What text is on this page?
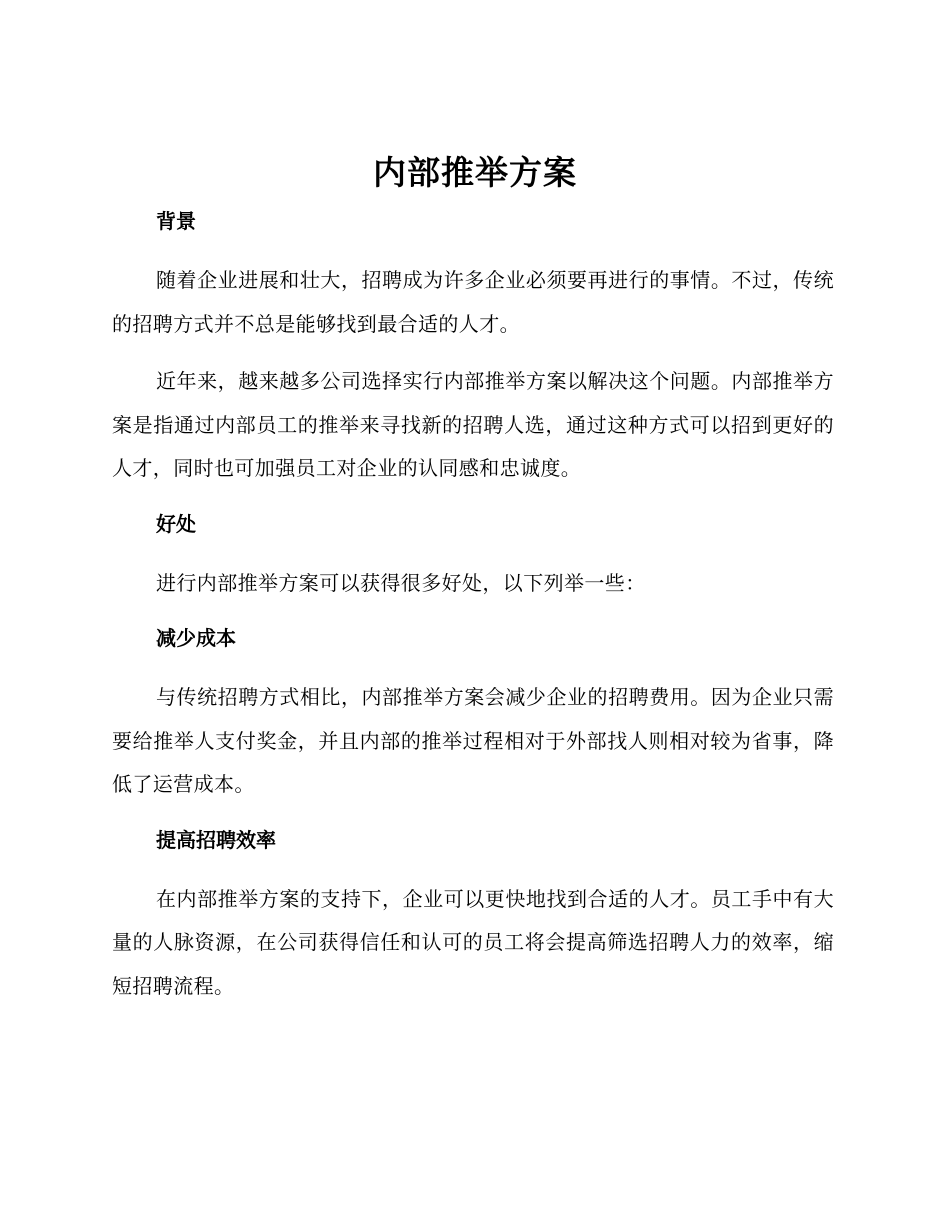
内部推举方案
背景

随着企业进展和壮大，招聘成为许多企业必须要再进行的事情。不过，传统的招聘方式并不总是能够找到最合适的人才。

近年来，越来越多公司选择实行内部推举方案以解决这个问题。内部推举方案是指通过内部员工的推举来寻找新的招聘人选，通过这种方式可以招到更好的人才，同时也可加强员工对企业的认同感和忠诚度。

好处

进行内部推举方案可以获得很多好处，以下列举一些：

减少成本

与传统招聘方式相比，内部推举方案会减少企业的招聘费用。因为企业只需要给推举人支付奖金，并且内部的推举过程相对于外部找人则相对较为省事，降低了运营成本。

提高招聘效率

在内部推举方案的支持下，企业可以更快地找到合适的人才。员工手中有大量的人脉资源，在公司获得信任和认可的员工将会提高筛选招聘人力的效率，缩短招聘流程。
